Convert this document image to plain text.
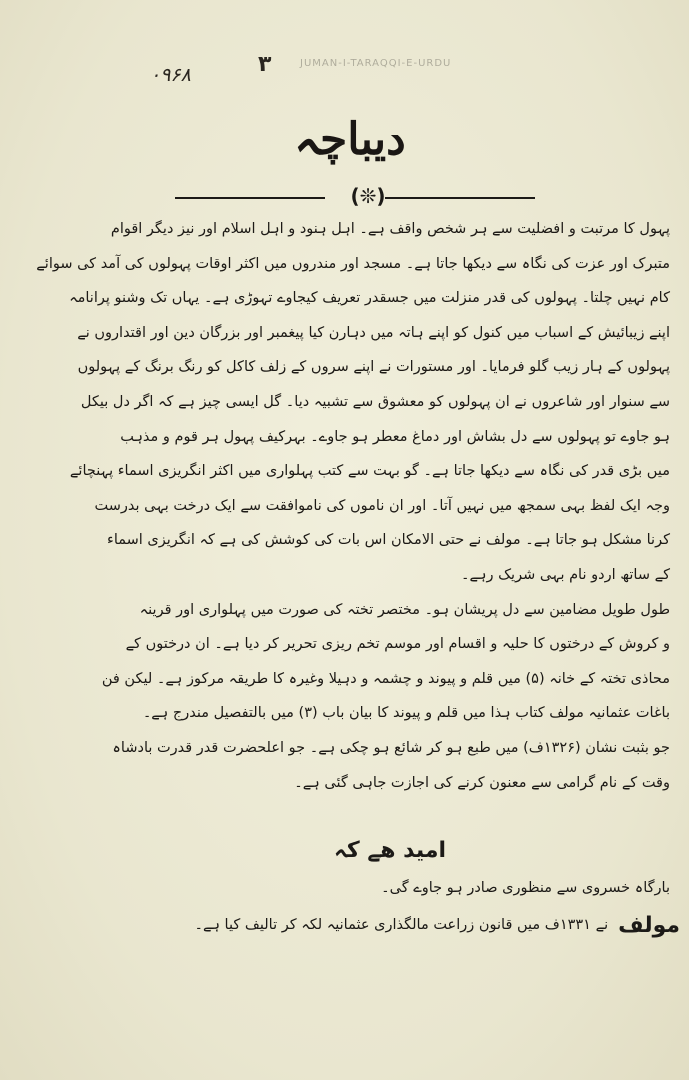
۰۹۶۸	۳	JUMAN-I-TARAQQI-E-URDU
دیباچہ
(❊)
پہول کا مرتبت و افضلیت سے ہر شخص واقف ہے۔ اہل ہنود و اہل اسلام اور نیز دیگر اقوام
متبرک اور عزت کی نگاہ سے دیکھا جاتا ہے۔ مسجد اور مندروں میں اکثر اوقات پہولوں کی آمد کی سوائے
کام نہیں چلتا۔ پہولوں کی قدر منزلت میں جسقدر تعریف کیجاوے تہوڑی ہے۔ یہاں تک وشنو پرانامہ
اپنے زیبائیش کے اسباب میں کنول کو اپنے ہاتہ میں دہارن کیا پیغمبر اور بزرگان دین اور اقتداروں نے
پہولوں کے ہار زیب گلو فرمایا۔ اور مستورات نے اپنے سروں کے زلف کاکل کو رنگ برنگ کے پہولوں
سے سنوار اور شاعروں نے ان پہولوں کو معشوق سے تشبیہ دیا۔ گل ایسی چیز ہے کہ اگر دل بیکل
ہو جاوے تو پہولوں سے دل بشاش اور دماغ معطر ہو جاوے۔ بہرکیف پہول ہر قوم و مذہب
میں بڑی قدر کی نگاہ سے دیکھا جاتا ہے۔ گو بہت سے کتب پہلواری میں اکثر انگریزی اسماء پہنچائے
وجہ ایک لفظ بہی سمجھ میں نہیں آتا۔ اور ان ناموں کی ناموافقت سے ایک درخت بہی بدرست
کرنا مشکل ہو جاتا ہے۔ مولف نے حتی الامکان اس بات کی کوشش کی ہے کہ انگریزی اسماء
کے ساتھ اردو نام بہی شریک رہے۔
طول طویل مضامین سے دل پریشان ہو۔ مختصر تختہ کی صورت میں پہلواری اور قرینہ
و کروش کے درختوں کا حلیہ و اقسام اور موسم تخم ریزی تحریر کر دیا ہے۔ ان درختوں کے
محاذی تختہ کے خانہ (۵) میں قلم و پیوند و چشمہ و دہیلا وغیرہ کا طریقہ مرکوز ہے۔ لیکن فن
باغات عثمانیہ مولف کتاب ہذا میں قلم و پیوند کا بیان باب (۳) میں بالتفصیل مندرج ہے۔
جو بثبت نشان (۱۳۲۶ف) میں طبع ہو کر شائع ہو چکی ہے۔ جو اعلحضرت قدر قدرت بادشاہ
وقت کے نام گرامی سے معنون کرنے کی اجازت جاہی گئی ہے۔
امید ھے کہ
بارگاہ خسروی سے منظوری صادر ہو جاوے گی۔
مولف
نے ۱۳۳۱ف میں قانون زراعت مالگذاری عثمانیہ لکہ کر تالیف کیا ہے۔
